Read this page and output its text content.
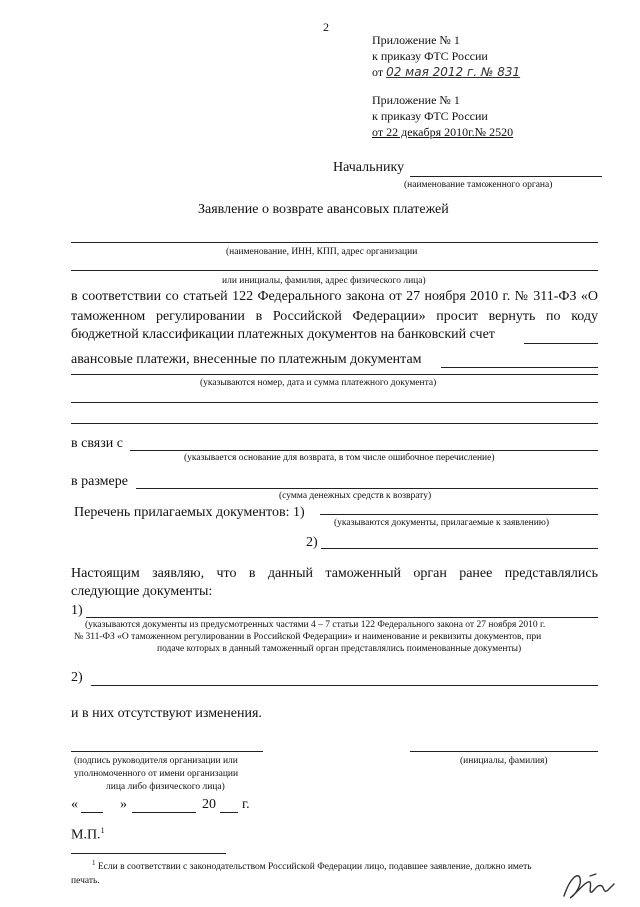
2
Приложение № 1
к приказу ФТС России
от 02 мая 2012 г. № 831
Приложение № 1
к приказу ФТС России
от 22 декабря 2010г.№ 2520
Начальнику
(наименование таможенного органа)
Заявление о возврате авансовых платежей
(наименование, ИНН, КПП, адрес организации
или инициалы, фамилия, адрес физического лица)
в соответствии со статьей 122 Федерального закона от 27 ноября 2010 г. № 311-ФЗ «О
таможенном регулировании в Российской Федерации» просит вернуть по коду
бюджетной классификации платежных документов на банковский счет
авансовые платежи, внесенные по платежным документам
(указываются номер, дата и сумма платежного документа)
в связи с
(указывается основание для возврата, в том числе ошибочное перечисление)
в размере
(сумма денежных средств к возврату)
Перечень прилагаемых документов: 1)
(указываются документы, прилагаемые к заявлению)
2)
Настоящим заявляю, что в данный таможенный орган ранее представлялись
следующие документы:
1)
(указываются документы из предусмотренных частями 4 – 7 статьи 122 Федерального закона от 27 ноября 2010 г.
№ 311-ФЗ «О таможенном регулировании в Российской Федерации» и наименование и реквизиты документов, при
подаче которых в данный таможенный орган представлялись поименованные документы)
2)
и в них отсутствуют изменения.
(подпись руководителя организации или
уполномоченного от имени организации
лица либо физического лица)
(инициалы, фамилия)
«	»	20 г.
М.П.$^1$
$^1$ Если в соответствии с законодательством Российской Федерации лицо, подавшее заявление, должно иметь
печать.
